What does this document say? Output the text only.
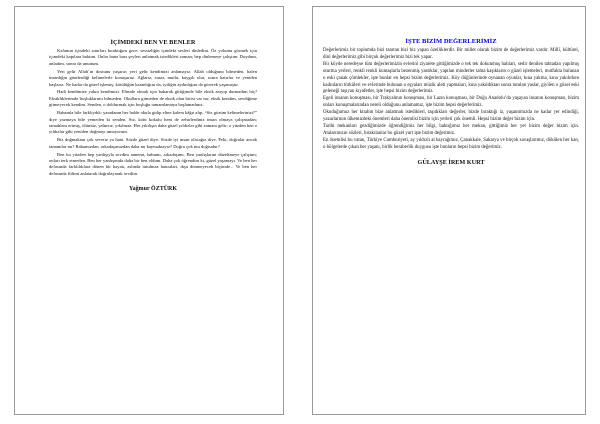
İÇİMDEKİ BEN VE BENLER

Kafamın içindeki sınırları bıraktığım gece; sessizliğin içindeki sesleri dinledim. Öz yolumu görmek için içimdeki kapılara baktım. Onlar bana bazı şeyleri anlatmak istedikleri zaman; hep dinlemeye çalıştım. Duydum, anladım, sonra da unuttum.

Yeri gelir Allah’ın dostunu yaşarız; yeri gelir kendimizi anlamayız. Allah olduğunu bilmeden, halen insanlığın gönderdiği kelimelerle konuşuruz. Ağlarız, susar, mutlu, kaygılı olur, sonra hatırlar ve yeniden başlarız. Ne kadar da güzel işlemiş; kötülüğün karanlığını da, iyiliğin aydınlığını da görerek yaşamıştır.

Hadi kendimize yakın kendimizi. Elimde olmak için bakarak gittiğimde bile eksik arayıp durmadım hiç? Eksikliklerimde boşluklarımı bilmeden. Okullara gitmeden de eksik olan birisi var mı; eksik kendim, sevdiğime gitmeyecek kendim. Senden, o doldurmak için boşluğu tamamlamaya başlamadınız.

Babamla bile farklıydık: yaradanın her halde okula gidip eline kalem kâğıt alıp, “Siz gözüm kelimelerinizi?” diye yazmaya bile yemeden ki senden. Siz, kötü kokulu hem de zehirlerdiniz insan olmaya çalışmadan; tamahlara erimiş, ölümüz, yalnızız, yıkılmaz. Her yıkılışın daha güzel yıldızlar gibi zamanı gelir; o yüzden ben o yıldızlar gibi yeniden doğmayı umuyorum.

Biz doğmaktan çok severiz ya hani. Sözde güzel diye. Sözde iyi insan olacağız diye. Peki, doğrular ancak tamamlar mı? Babamızdan, arkadaşımızdan daha mı kaymaktayız? Doğru çok mu doğrudur?

Ben bu yüzden hep yanlışıyla sevdim annemi, babamı, arkadaşımı. Ben yanlışlarını düzeltmeye çalıştım; onları terk etmeden. Ben her yanlışımda daha bir ben oldum. Daha çok öğrendim ki, güzel yaşamayı. Ve ben her defasında farklılıklara dönen bir hayatı, aslında tutulmaz hatıraları, dışa dönmeyecek biçimde... Ve ben her defasında fiilimi anlatarak doğrulayarak sevdim.

Yağmur ÖZTÜRK
İŞTE BİZİM DEĞERLERİMİZ

Değerlerimiz bir toplumda bizi tanıtan bizi biz yapan özelliklerdir. Bir millet olarak bizim de değerlerimiz vardır. Millî, kültürel, dinî değerlerimiz gibi birçok değerlerimiz bizi tek yapar.

Bir köyde neredeyse tüm değerlerimizin evlerini ziyarete gittiğimizde o tek tek dokunmuş halıları, sedir denilen tahtadan yapılmış oturma yerleri, renkli renkli kumaşlarla bezenmiş yastıklar, yapılan minderler tahta kaşıkların o güzel işlemeleri, mutfakta bulunan o eski çanak çömlekler, işte bunlar en hepsi bizim değerlerimiz. Köy düğünlerinde oynanan oyunlar, kına yakma, kına yakılırken kadınların türküleri ve evlerinde bulunan o eşyaları müzik aleti yapmaları, kına yakıldıktan sonra tutulan yaslar, giyilen o güzel eski geleneği taşıyan kıyafetler, işte hepsi bizim değerlerimiz.

Egeli insanın konuşması, bir Trakyalının konuşması, bir Lazın konuşması, bir Doğu Anadolu’da yaşayan insanın konuşması, bizim onları konuşmalarından nereli olduğunu anlamamız, işte bizim hepsi değerlerimiz.

Okuduğumuz her kitabın bize anlatmak istedikleri, taşıdıkları değerler, bizde bıraktığı iz, yaşantımızda ne kadar yer edindiği, yazarlarının ülkemizdeki önemleri daha önemlisi bizim için yerleri çok önemli. Hepsi bizim değer bizim için.

Tarihi mekanları gezdiğimizde öğrendiğimiz her bilgi, baktığımız her mekan, gittiğimiz her yer bizim değer bizim için. Atalarımızın sözleri, bırakılanlar bu güzel yurt işte bizim değerimiz.

En önemlisi bu vatan, Türkiye Cumhuriyeti, ay yıldızlı al bayrağımız, Çanakkale, Sakarya ve birçok savaşlarımız, dökülen her kan, o bölgelerde çıkan her yaşanı, birlik beraberlik duygusu işte bunların hepsi bizim değerimiz.

GÜLAYŞE İREM KURT
